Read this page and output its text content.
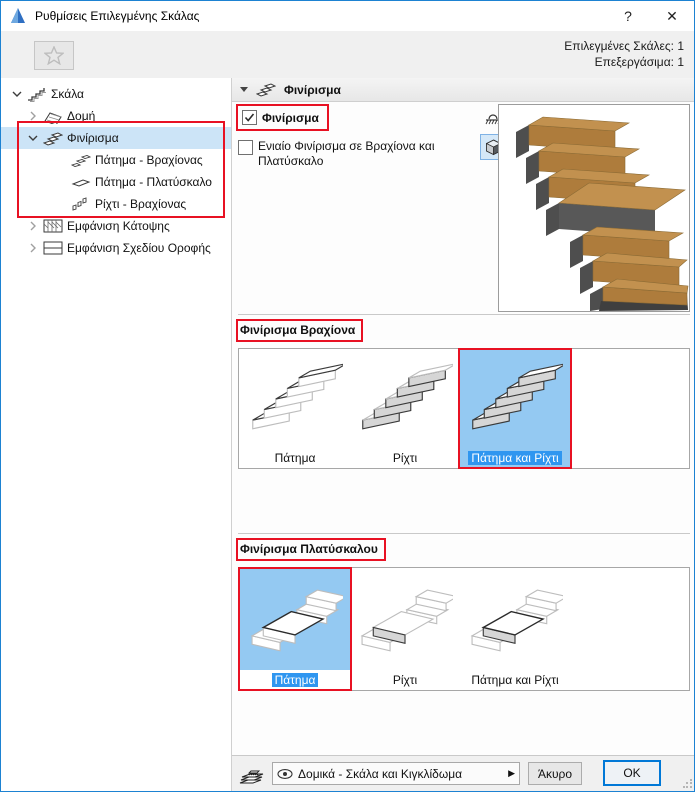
Ρυθμίσεις Επιλεγμένης Σκάλας	?	✕
Επιλεγμένες Σκάλες: 1
Επεξεργάσιμα: 1
Σκάλα
Δομή
Φινίρισμα
Πάτημα - Βραχίονας
Πάτημα - Πλατύσκαλο
Ρίχτι - Βραχίονας
Εμφάνιση Κάτοψης
Εμφάνιση Σχεδίου Οροφής
Φινίρισμα
Φινίρισμα
Ενιαίο Φινίρισμα σε Βραχίονα και Πλατύσκαλο
Φινίρισμα Βραχίονα
Πάτημα	Ρίχτι	Πάτημα και Ρίχτι
Φινίρισμα Πλατύσκαλου
Πάτημα	Ρίχτι	Πάτημα και Ρίχτι
Δομικά - Σκάλα και Κιγκλίδωμα	▶ Άκυρο	OK
